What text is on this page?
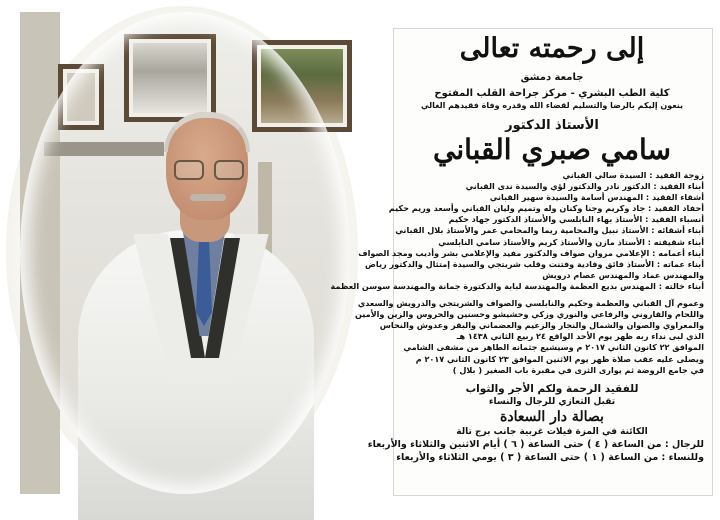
إلى رحمته تعالى
جامعة دمشق
كلية الطب البشري - مركز جراحة القلب المفتوح
ينعون إليكم بالرضا والتسليم لقضاء الله وقدره وفاة فقيدهم الغالي
الأستاذ الدكتور
سامي صبري القباني
زوجة الفقيد : السيدة سالي القباني
أبناء الفقيد : الدكتور نادر والدكتور لؤي والسيدة ندى القباني
أشقاء الفقيد : المهندس أسامة والسيدة سهير القباني
أحفاد الفقيد : جاد وكريم وجنا وكنان وله وتميم وليان القباني وأسعد وريم حكيم
أنسباء الفقيد : الأستاذ بهاء النابلسي والأستاذ الدكتور جهاد حكيم
أبناء أشقائه : الأستاذ نبيل والمحامية ريما والمحامي عمر والأستاذ بلال القباني
أبناء شقيقته : الأستاذ مازن والأستاذ كريم والأستاذ سامي النابلسي
أبناء أعمامه : الإعلامي مروان صواف والدكتور مفيد والإعلامي بشر وأديب ومجد الصواف
أبناء عماته : الأستاذ فائق وفادية وفتنت وقلب شريتجي والسيدة إمتثال والدكتور رياض
والمهندس عماد والمهندس عصام درويش
أبناء خالته : المهندس بديع العظمة والمهندسة لبابة والدكتورة جمانة والمهندسة سوسن العظمة
وعموم آل القباني والعظمة وحكيم والنابلسي والصواف والشريتجي والدرويش والسعدي
واللحام والقاروني والرفاعي والنوري وزكي وحشيشو وحسنين والحروس والزين والأمين
والمعراوي والصوان والشمال والنجار والزعيم والعضماني والبقر وعدوش والنحاس
الذي لبى نداء ربه ظهر يوم الأحد الواقع ٢٤ ربيع الثاني ١٤٣٨ هـ
الموافق ٢٢ كانون الثاني ٢٠١٧ م وسيشيع جثمانه الطاهر من مشفى الشامي
ويصلى عليه عقب صلاة ظهر يوم الاثنين الموافق ٢٣ كانون الثاني ٢٠١٧ م
في جامع الروضة ثم يوارى الثرى في مقبرة باب الصغير ( بلال )
للفقيد الرحمة ولكم الأجر والثواب
تقبل التعازي للرجال والنساء
بصالة دار السعادة
الكائنة في المزة فيلات غربية جانب برج تالة
للرجال : من الساعة ( ٤ ) حتى الساعة ( ٦ ) أيام الاثنين والثلاثاء والأربعاء
وللنساء : من الساعة ( ١ ) حتى الساعة ( ٣ ) يومي الثلاثاء والأربعاء
